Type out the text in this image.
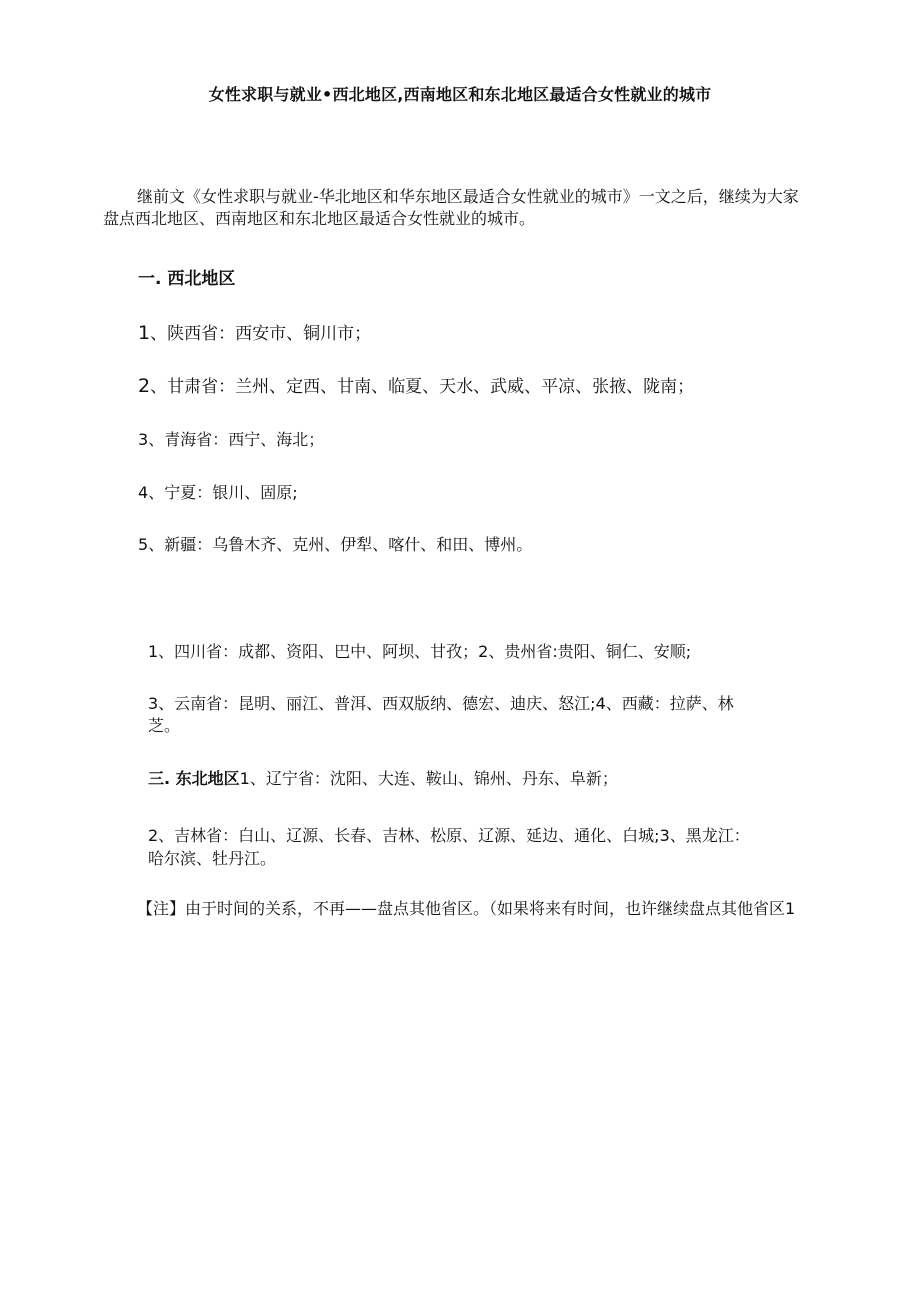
女性求职与就业•西北地区,西南地区和东北地区最适合女性就业的城市
继前文《女性求职与就业-华北地区和华东地区最适合女性就业的城市》一文之后，继续为大家盘点西北地区、西南地区和东北地区最适合女性就业的城市。
一. 西北地区
1、陕西省：西安市、铜川市；
2、甘肃省：兰州、定西、甘南、临夏、天水、武威、平凉、张掖、陇南；
3、青海省：西宁、海北；
4、宁夏：银川、固原;
5、新疆：乌鲁木齐、克州、伊犁、喀什、和田、博州。
1、四川省：成都、资阳、巴中、阿坝、甘孜；2、贵州省:贵阳、铜仁、安顺;
3、云南省：昆明、丽江、普洱、西双版纳、德宏、迪庆、怒江;4、西藏：拉萨、林
芝。
三. 东北地区1、辽宁省：沈阳、大连、鞍山、锦州、丹东、阜新；
2、吉林省：白山、辽源、长春、吉林、松原、辽源、延边、通化、白城;3、黑龙江：
哈尔滨、牡丹江。
【注】由于时间的关系，不再——盘点其他省区。（如果将来有时间，也许继续盘点其他省区1
